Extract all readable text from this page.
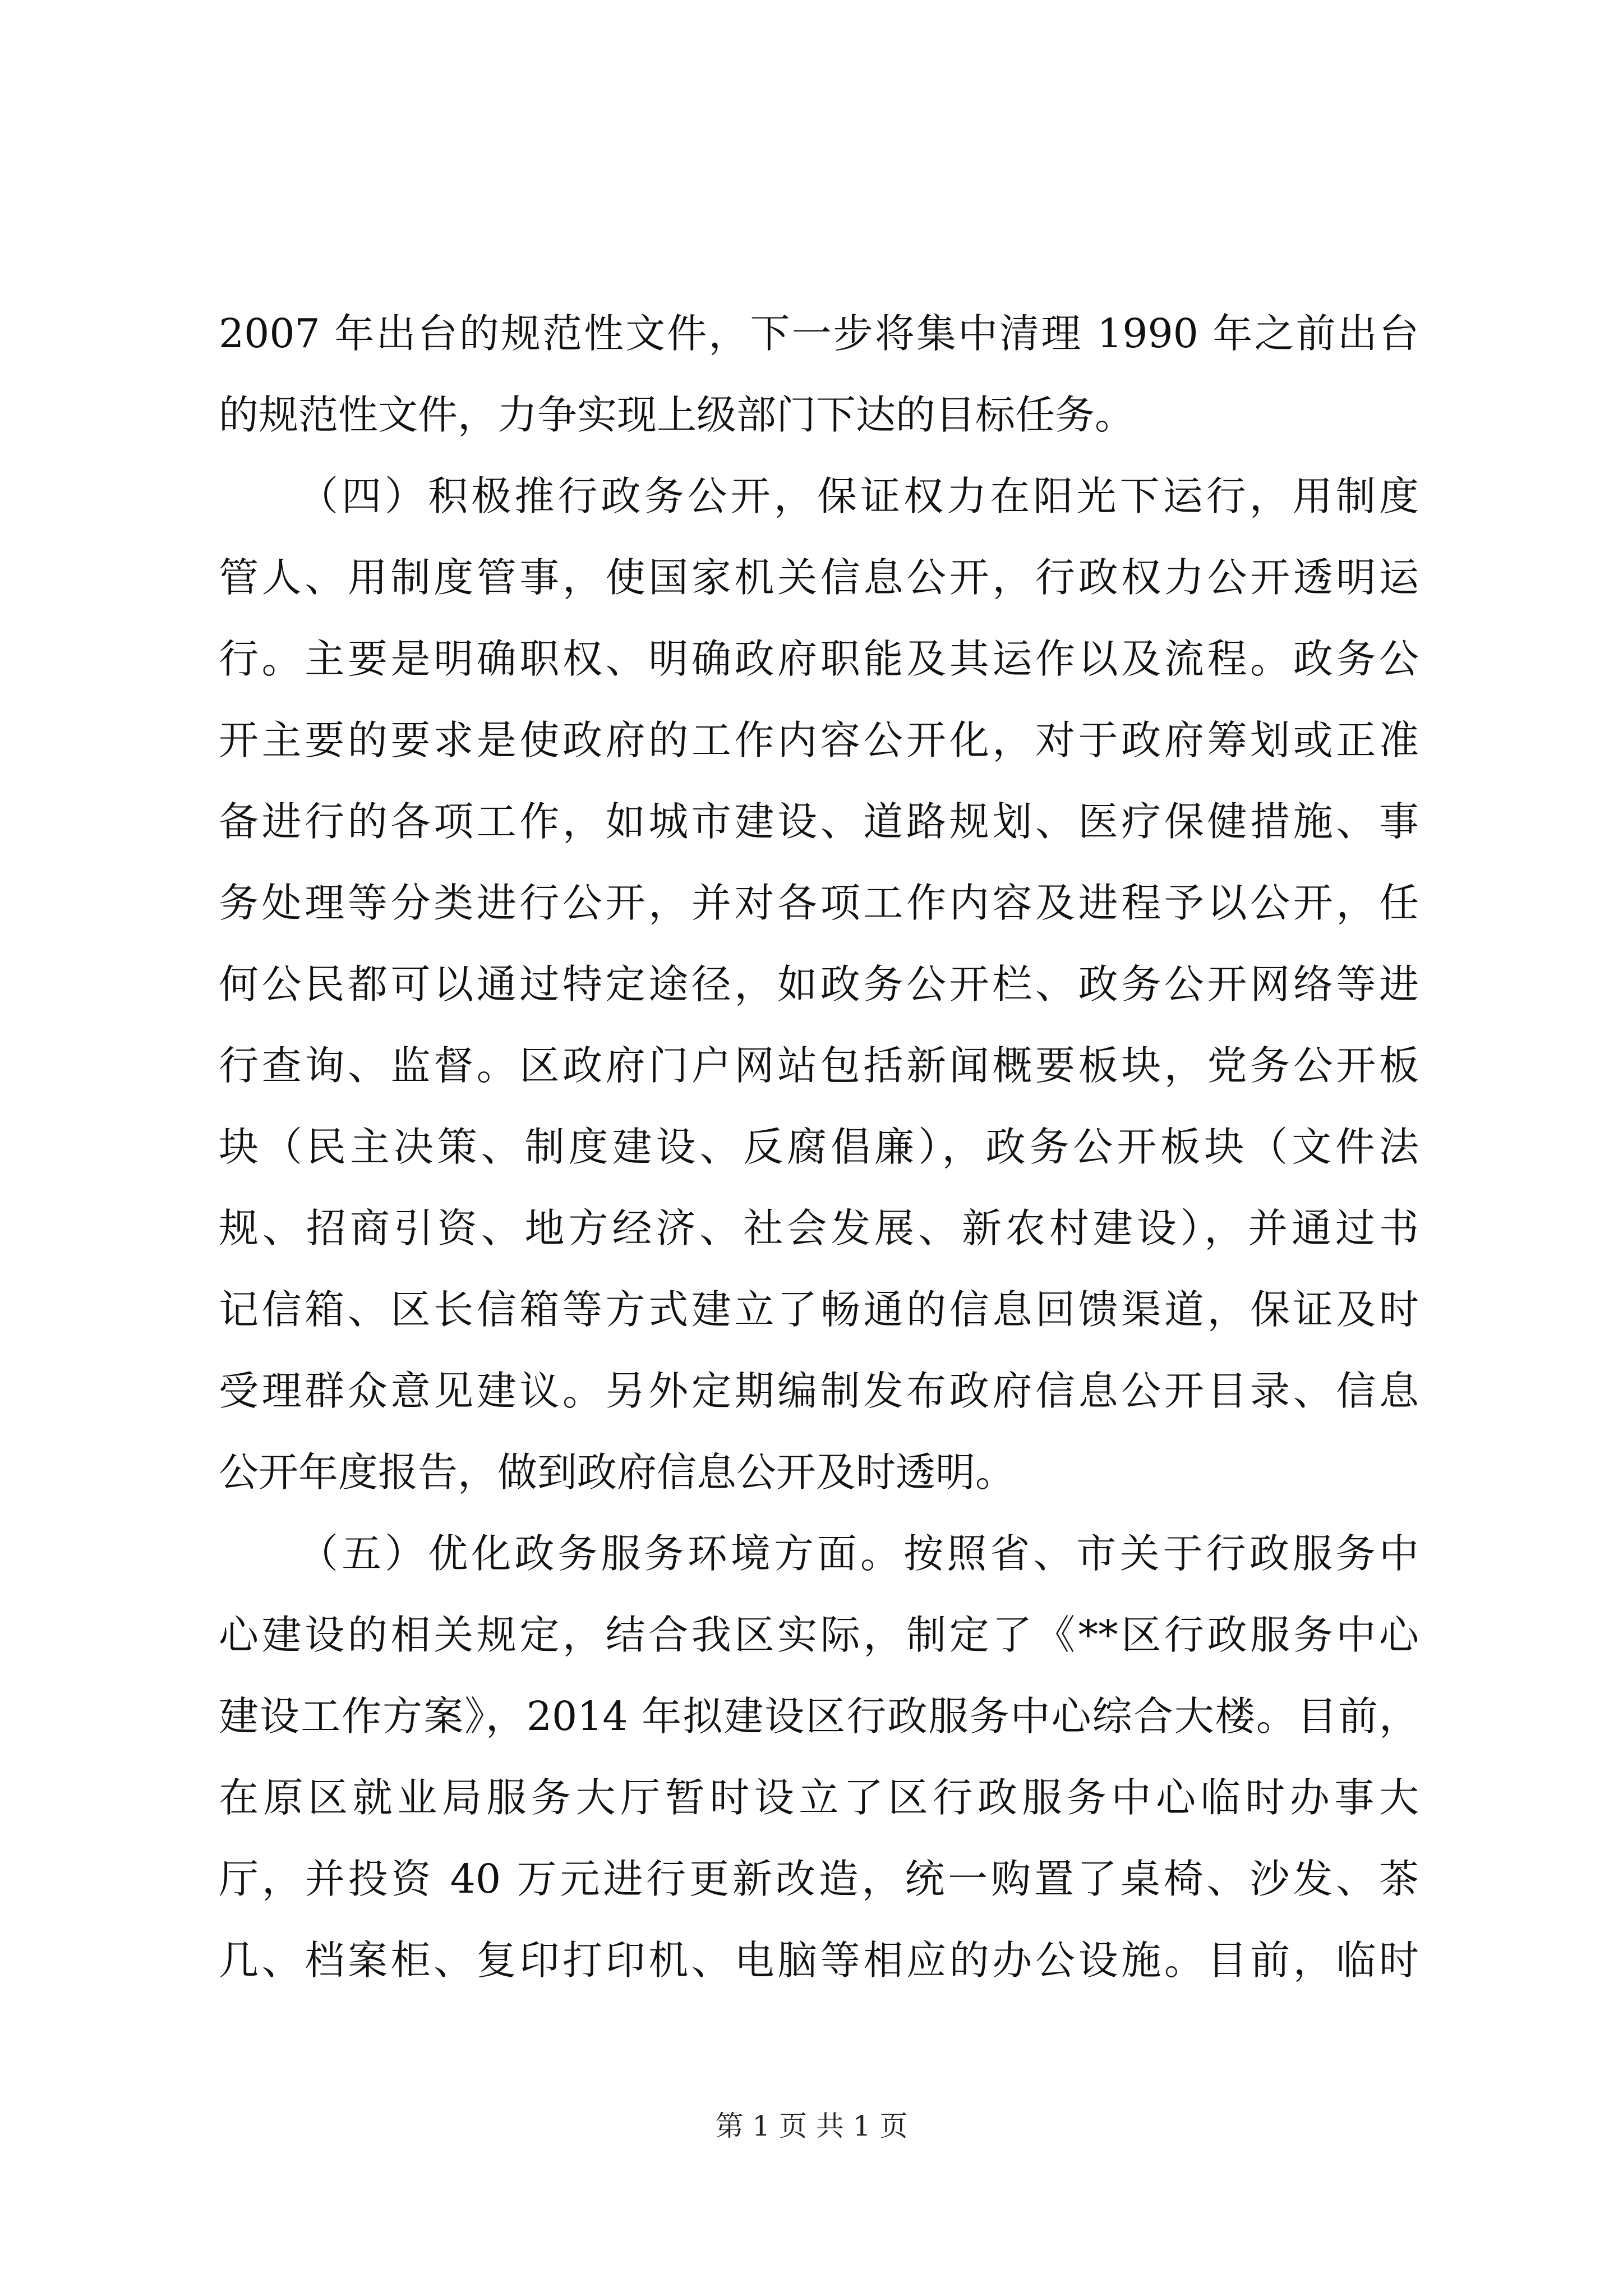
2007 年出台的规范性文件，下一步将集中清理 1990 年之前出台
的规范性文件，力争实现上级部门下达的目标任务。
（四）积极推行政务公开，保证权力在阳光下运行，用制度
管人、用制度管事，使国家机关信息公开，行政权力公开透明运
行。主要是明确职权、明确政府职能及其运作以及流程。政务公
开主要的要求是使政府的工作内容公开化，对于政府筹划或正准
备进行的各项工作，如城市建设、道路规划、医疗保健措施、事
务处理等分类进行公开，并对各项工作内容及进程予以公开，任
何公民都可以通过特定途径，如政务公开栏、政务公开网络等进
行查询、监督。区政府门户网站包括新闻概要板块，党务公开板
块（民主决策、制度建设、反腐倡廉），政务公开板块（文件法
规、招商引资、地方经济、社会发展、新农村建设），并通过书
记信箱、区长信箱等方式建立了畅通的信息回馈渠道，保证及时
受理群众意见建议。另外定期编制发布政府信息公开目录、信息
公开年度报告，做到政府信息公开及时透明。
（五）优化政务服务环境方面。按照省、市关于行政服务中
心建设的相关规定，结合我区实际，制定了《**区行政服务中心
建设工作方案》，2014 年拟建设区行政服务中心综合大楼。目前，
在原区就业局服务大厅暂时设立了区行政服务中心临时办事大
厅，并投资 40 万元进行更新改造，统一购置了桌椅、沙发、茶
几、档案柜、复印打印机、电脑等相应的办公设施。目前，临时
第 1 页 共 1 页
